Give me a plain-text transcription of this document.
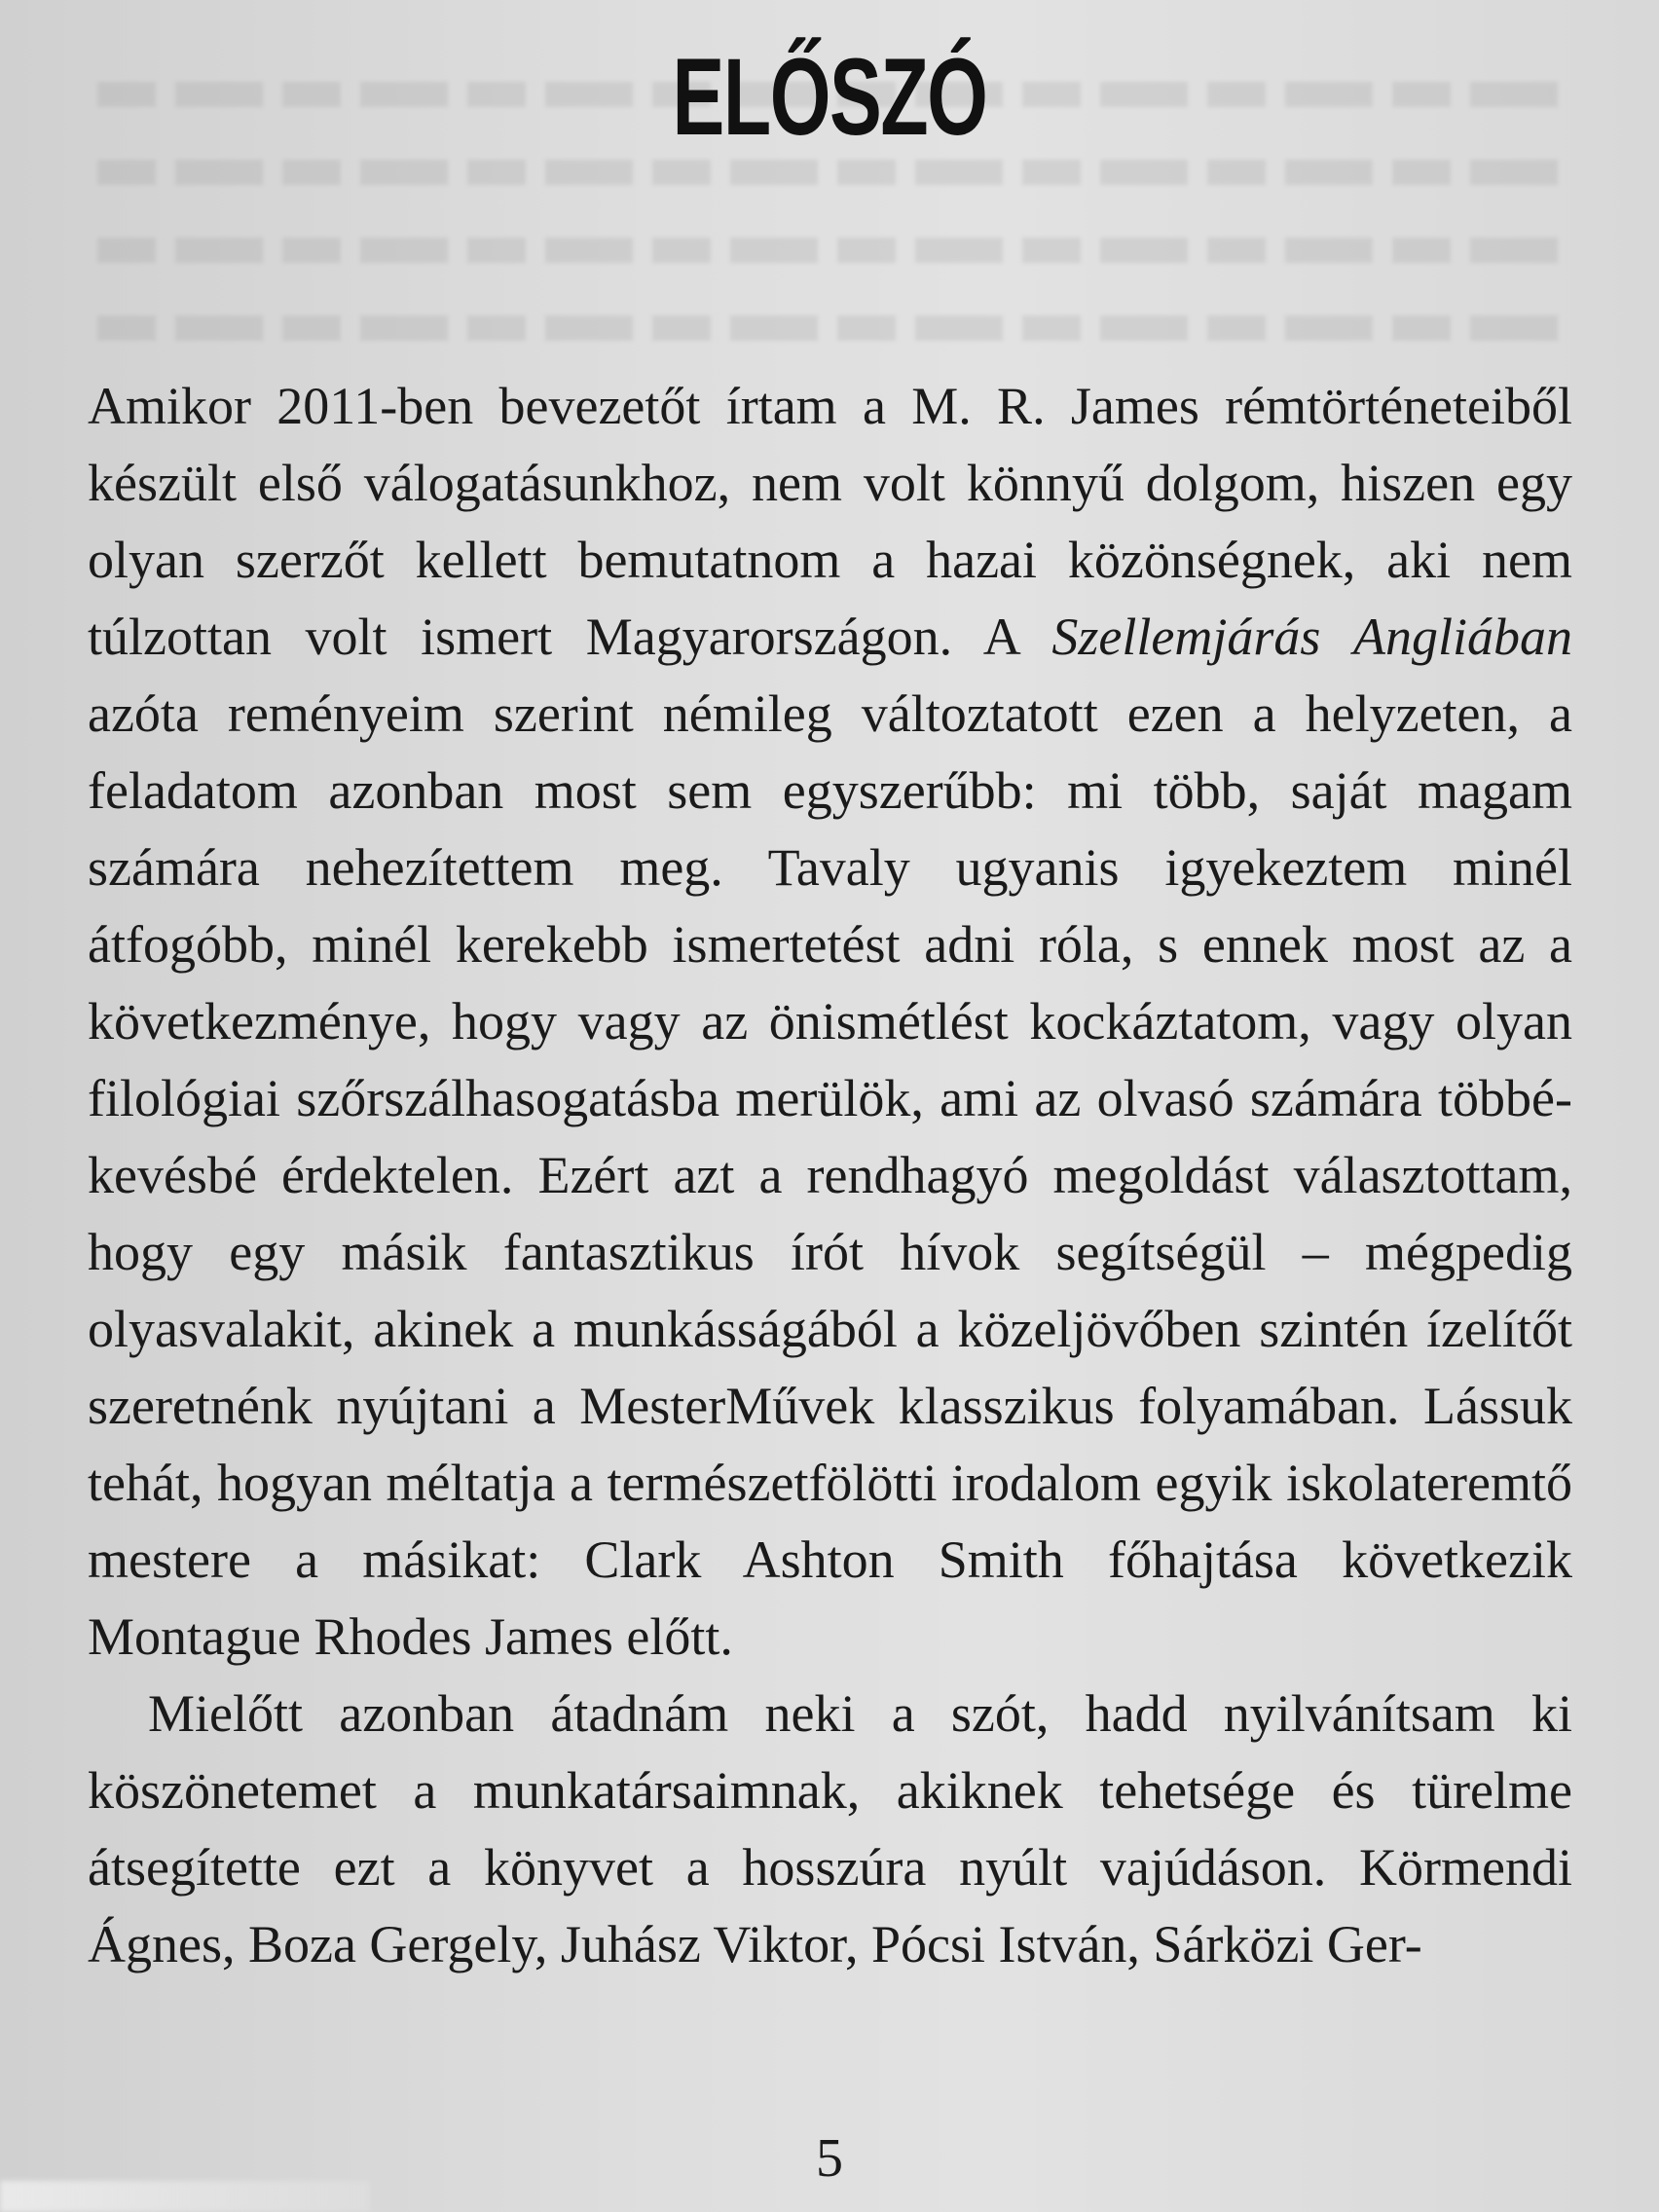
ELŐSZÓ

Amikor 2011-ben bevezetőt írtam a M. R. James rémtörténeteiből készült első válogatásunkhoz, nem volt könnyű dolgom, hiszen egy olyan szerzőt kellett bemutatnom a hazai közönségnek, aki nem túlzottan volt ismert Magyarországon. A Szellemjárás Angliában azóta reményeim szerint némileg változtatott ezen a helyzeten, a feladatom azonban most sem egyszerűbb: mi több, saját magam számára nehezítettem meg. Tavaly ugyanis igyekeztem minél átfogóbb, minél kerekebb ismertetést adni róla, s ennek most az a következménye, hogy vagy az önismétlést kockáztatom, vagy olyan filológiai szőrszálhasogatásba merülök, ami az olvasó számára többé-kevésbé érdektelen. Ezért azt a rendhagyó megoldást választottam, hogy egy másik fantasztikus írót hívok segítségül – mégpedig olyasvalakit, akinek a munkásságából a közeljövőben szintén ízelítőt szeretnénk nyújtani a MesterMűvek klasszikus folyamában. Lássuk tehát, hogyan méltatja a természetfölötti irodalom egyik iskolateremtő mestere a másikat: Clark Ashton Smith főhajtása következik Montague Rhodes James előtt.

Mielőtt azonban átadnám neki a szót, hadd nyilvánítsam ki köszönetemet a munkatársaimnak, akiknek tehetsége és türelme átsegítette ezt a könyvet a hosszúra nyúlt vajúdáson. Körmendi Ágnes, Boza Gergely, Juhász Viktor, Pócsi István, Sárközi Ger-

5
